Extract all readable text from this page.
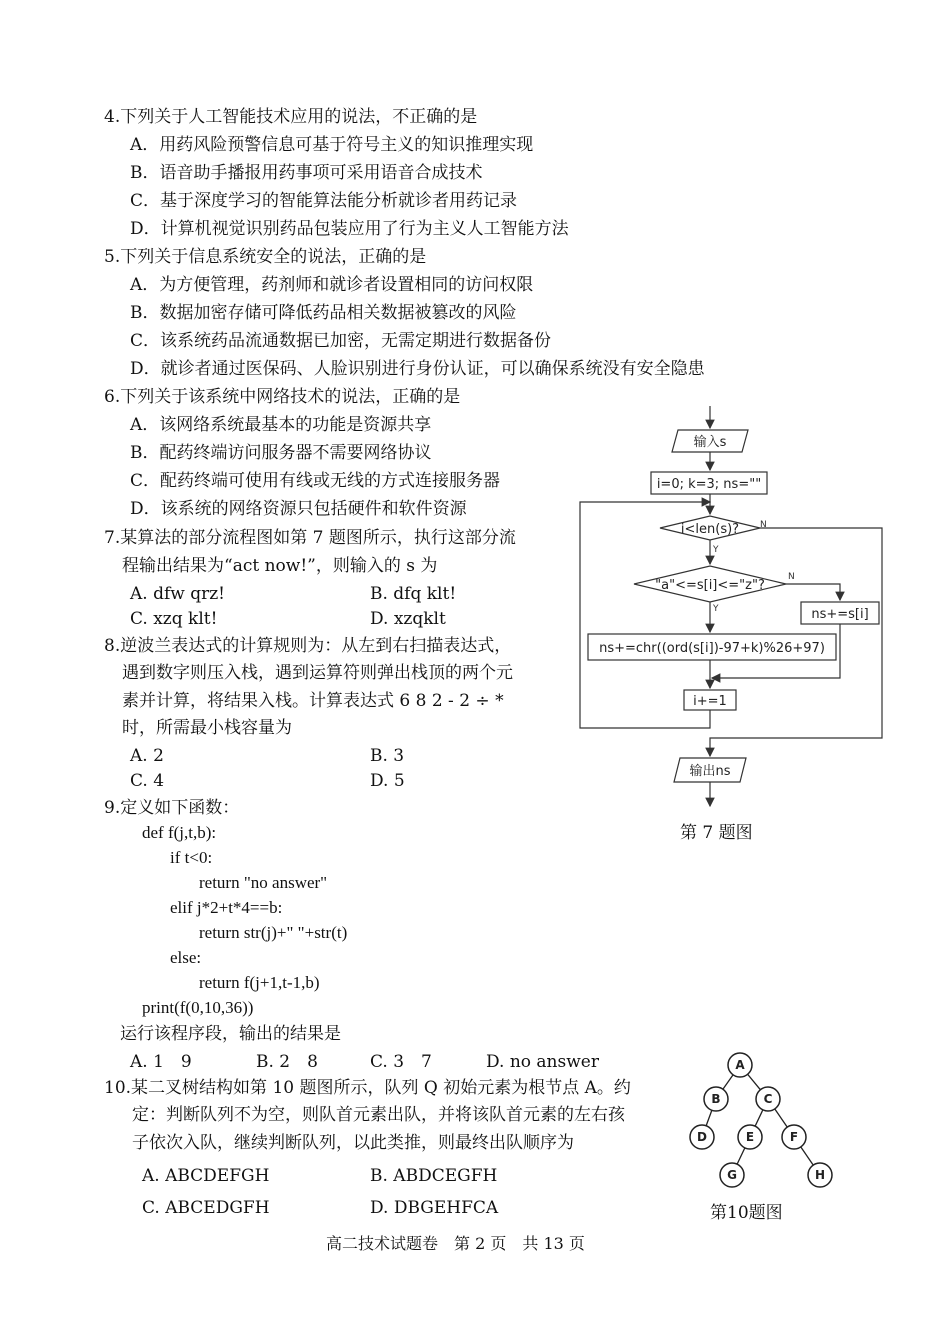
4.下列关于人工智能技术应用的说法，不正确的是
A．用药风险预警信息可基于符号主义的知识推理实现
B．语音助手播报用药事项可采用语音合成技术
C．基于深度学习的智能算法能分析就诊者用药记录
D．计算机视觉识别药品包装应用了行为主义人工智能方法
5.下列关于信息系统安全的说法，正确的是
A．为方便管理，药剂师和就诊者设置相同的访问权限
B．数据加密存储可降低药品相关数据被篡改的风险
C．该系统药品流通数据已加密，无需定期进行数据备份
D．就诊者通过医保码、人脸识别进行身份认证，可以确保系统没有安全隐患
6.下列关于该系统中网络技术的说法，正确的是
A．该网络系统最基本的功能是资源共享
B．配药终端访问服务器不需要网络协议
C．配药终端可使用有线或无线的方式连接服务器
D．该系统的网络资源只包括硬件和软件资源
7.某算法的部分流程图如第 7 题图所示，执行这部分流
程输出结果为“act now!”，则输入的 s 为
A. dfw qrz!	B. dfq klt!
C. xzq klt!	D. xzqklt
8.逆波兰表达式的计算规则为：从左到右扫描表达式，
遇到数字则压入栈，遇到运算符则弹出栈顶的两个元
素并计算，将结果入栈。计算表达式 6 8 2 - 2 ÷ *
时，所需最小栈容量为
A. 2	B. 3
C. 4	D. 5
9.定义如下函数：
def f(j,t,b):
if t<0:
return "no answer"
elif j*2+t*4==b:
return str(j)+" "+str(t)
else:
return f(j+1,t-1,b)
print(f(0,10,36))
运行该程序段，输出的结果是
A. 1　9	B. 2　8	C. 3　7	D. no answer
10.某二叉树结构如第 10 题图所示，队列 Q 初始元素为根节点 A。约
定：判断队列不为空，则队首元素出队，并将该队首元素的左右孩
子依次入队，继续判断队列，以此类推，则最终出队顺序为
A. ABCDEFGH	B. ABDCEGFH
C. ABCEDGFH	D. DBGEHFCA
输入s
i=0; k=3; ns=""
i<len(s)?
"a"<=s[i]<="z"?
ns+=s[i]
ns+=chr((ord(s[i])-97+k)%26+97)
i+=1
输出ns
Y
Y
N
N
第 7 题图
A
B	C
D	E	F
G	H
第10题图
高二技术试题卷　第 2 页　共 13 页
